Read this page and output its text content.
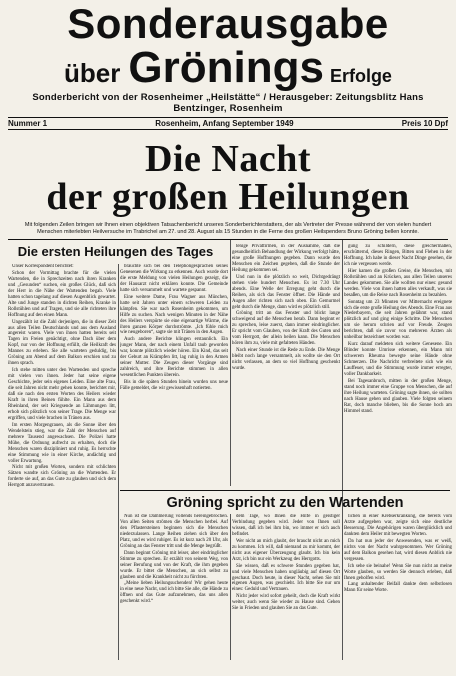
Sonderausgabe
über Grönings Erfolge
Sonderbericht von der Rosenheimer „Heilstätte“ / Herausgeber: Zeitungsblitz Hans Bentzinger, Rosenheim
Nummer 1	Rosenheim, Anfang September 1949	Preis 10 Dpf
Die Nacht
der großen Heilungen
Mit folgenden Zeilen bringen wir Ihnen einen objektiven Tatsachenbericht unseres Sonderberichterstatters, der als Vertreter der Presse während der von vielen hundert Menschen miterlebten Heilversuche im Trabrichel am 27. und 28. August als 15 Stunden in die Ferne des großen Heilspenders Bruno Gröning bellen konnte.
Die ersten Heilungen des Tages

Unser Korrespondent berichtet:

Schon der Vormittag brachte für die vielen Wartenden, die in Sprechzeiten nach ihren Kranken und „Gesunden“ suchen, ein großes Glück, daß sich der Herr in die Nähe der Wartenden begab. Viele hatten schon tagelang auf diesen Augenblick gewartet. Alte und Junge standen in dichten Reihen, Kranke in Rollstühlen und auf Tragen, und sie alle richteten ihre Hoffnung auf den einen Mann.

Ungezählt ist die Zahl derjenigen, die in dieser Zeit aus allen Teilen Deutschlands und aus dem Ausland angereist waren. Viele von ihnen hatten bereits seit Tagen im Freien genächtigt, ohne Dach über dem Kopf, nur von der Hoffnung erfüllt, die Heilkraft des Mannes zu erleben. Sie alle warteten geduldig, bis Gröning am Abend auf dem Balkon erschien und zu ihnen sprach.

Ich stehe mitten unter den Wartenden und spreche mit vielen von ihnen. Jeder hat seine eigene Geschichte, jeder sein eigenes Leiden. Eine alte Frau, die seit Jahren nicht mehr gehen konnte, berichtet mir, daß sie nach den ersten Worten des Heilers wieder Kraft in ihren Beinen fühlte. Ein Mann aus dem Rheinland, der seit Kriegsende an Lähmungen litt, erhob sich plötzlich von seiner Trage. Die Menge war ergriffen, und viele brachen in Tränen aus.

Im ersten Morgengrauen, als die Sonne über den Wendelstein stieg, war die Zahl der Menschen auf mehrere Tausend angewachsen. Die Polizei hatte Mühe, die Ordnung aufrecht zu erhalten, doch die Menschen waren diszipliniert und ruhig. Es herrschte eine Stimmung wie in einer Kirche, andächtig und voller Erwartung.

Nicht mit großen Worten, sondern mit schlichten Sätzen wandte sich Gröning an die Wartenden. Er forderte sie auf, an das Gute zu glauben und sich dem Herrgott anzuvertrauen.

brauchte sich bei den Telephongesprächen seines Genesenen die Wirkung zu erkennen. Auch wurde dort die erste Meldung von vielen Heilungen gezeigt, die der Hausarzt nicht erklären konnte. Die Gemeinde hatte sich versammelt und wartete gespannt.

Eine weitere Dame, Frau Wagner aus München, hatte seit Jahren unter einem schweren Leiden zu kämpfen. Sie war nach Rosenheim gekommen, um Hilfe zu suchen. Nach wenigen Minuten in der Nähe des Heilers verspürte sie eine eigenartige Wärme, die ihren ganzen Körper durchströmte. „Ich fühle mich wie neugeboren“, sagte sie mit Tränen in den Augen.

Auch andere Berichte klingen erstaunlich. Ein junger Mann, der nach einem Unfall taub geworden war, konnte plötzlich wieder hören. Ein Kind, das seit der Geburt an Krämpfen litt, lag ruhig in den Armen seiner Mutter. Die Zeugen dieser Vorgänge sind zahlreich, und ihre Berichte stimmen in allen wesentlichen Punkten überein.

Bis in die späten Stunden hinein wurden uns neue Fälle gemeldet, die wir gewissenhaft notierten.

tenige Privatfirmen, in der Ausnahme, daß die gesundheitlich Behandlung der Wirkung verfolgt hätte, eine große Hoffnungen gegeben. Dann wurde den Menschen ein Zeichen gegeben, daß die Stunde der Heilung gekommen sei.

Und nun in die plötzlich so weit, Dichtgedrängt stehen viele hundert Menschen. Es ist 7.30 Uhr abends. Eine Welle der Erregung geht durch die Reihen, als sich das Fenster öffnet. Die Hände und Augen aller richten sich nach oben. Ein Gemurmel geht durch die Menge, dann wird es plötzlich still.

Gröning tritt an das Fenster und blickt lange schweigend auf die Menschen herab. Dann beginnt er zu sprechen, leise zuerst, dann immer eindringlicher. Er spricht vom Glauben, von der Kraft des Guten und vom Herrgott, der allein heilen kann. Die Menschen hören ihm zu, viele mit gefalteten Händen.

Nach einer Stunde ist die Rede zu Ende. Die Menge bleibt noch lange versammelt, als wollte sie den Ort nicht verlassen, an dem so viel Hoffnung geschenkt wurde.

gung zu schildern, diese gleichermaßen, erschütternd, dieses Ringen, Bitten und Flehen in der Hoffnung. Ich habe in dieser Nacht Dinge gesehen, die ich nie vergessen werde.

Hier kamen die großen Greise, die Menschen, mit Rollstühlen und an Krücken, aus allen Teilen unseres Landes gekommen. Sie alle wollten nur eines: gesund werden. Viele von ihnen hatten alles verkauft, was sie besaßen, um die Reise nach Rosenheim zu bezahlen.

Sonntag um 23 Minuten vor Mitternacht ereignete sich die erste große Heilung des Abends. Eine Frau aus Niederbayern, die seit Jahren gelähmt war, stand plötzlich auf und ging einige Schritte. Die Menschen um sie herum schrien auf vor Freude. Zeugen berichten, daß sie zuvor von mehreren Ärzten als unheilbar bezeichnet worden war.

Kurz darauf meldeten sich weitere Genesene. Ein Blinder konnte Umrisse erkennen, ein Mann mit schwerem Rheuma bewegte seine Hände ohne Schmerzen. Die Nachricht verbreitete sich wie ein Lauffeuer, und die Stimmung wurde immer erregter, voller Dankbarkeit.

Bei Tagesanbruch, mitten in der großen Menge, stand noch immer eine Gruppe von Menschen, die auf ihre Heilung warteten. Gröning sagte ihnen, sie sollten nach Hause gehen und glauben. Viele folgten seinem Rat, doch manche blieben, bis die Sonne hoch am Himmel stand.

Gröning spricht zu den Wartenden

Nun ist die Dämmerung vollends hereingebrochen. Von allen Seiten strömen die Menschen herbei. Auf den Pflastersteinen beginnen sich die Menschen niederzulassen. Lange Reihen ziehen sich über den Platz, und es wird ruhiger. Es ist kurz nach 20 Uhr, als Gröning an das Fenster tritt und die Menge begrüßt.

Dann beginnt Gröning mit leiser, aber eindringlicher Stimme zu sprechen. Er erzählt von seinem Weg, von seiner Berufung und von der Kraft, die ihm gegeben wurde. Er bittet die Menschen, an sich selbst zu glauben und die Krankheit nicht zu fürchten.

„Meine lieben Heilungsuchenden! Wir gehen heute in eine neue Nacht, und ich bitte Sie alle, die Hände zu öffnen und das Gute aufzunehmen, das uns allen geschenkt wird.“

dem Tage, wo Ihnen die Hilfe in geistiger Verbindung gegeben wird. Jeder von Ihnen soll wissen, daß ich bei ihm bin, wo immer er sich auch befindet.

Wer nicht an mich glaubt, der braucht nicht an mich zu kommen. Ich will, daß niemand zu mir kommt, der nicht aus eigener Überzeugung glaubt. Ich bin kein Arzt, ich bin nur ein Werkzeug des Herrgotts.

Sie wissen, daß es schwere Stunden gegeben hat, und viele Menschen haben ungläubig auf diesen Ort geschaut. Doch heute, in dieser Nacht, sehen Sie mit eigenen Augen, was geschieht. Ich bitte Sie nur um eines: Geduld und Vertrauen.

Nicht jeder wird sofort geheilt, doch die Kraft wirkt weiter, auch wenn Sie wieder zu Hause sind. Gehen Sie in Frieden und glauben Sie an das Gute.

lichen in einer Krebserkrankung, die bereits vom Arzte aufgegeben war, zeigte sich eine deutliche Besserung. Die Angehörigen waren überglücklich und dankten dem Heiler mit bewegten Worten.

Da hat nun jeder der Anwesenden, was er weiß, nichts von der Nacht wahrgenommen. Wer Gröning auf dem Balkon gesehen hat, wird diesen Anblick nie vergessen.

Ich sehe sie beinahe! Wenn Sie nun nicht an meine Worte glauben, so werden Sie dennoch erleben, daß Ihnen geholfen wird.

Lang anhaltender Beifall dankte dem selbstlosen Mann für seine Worte.
